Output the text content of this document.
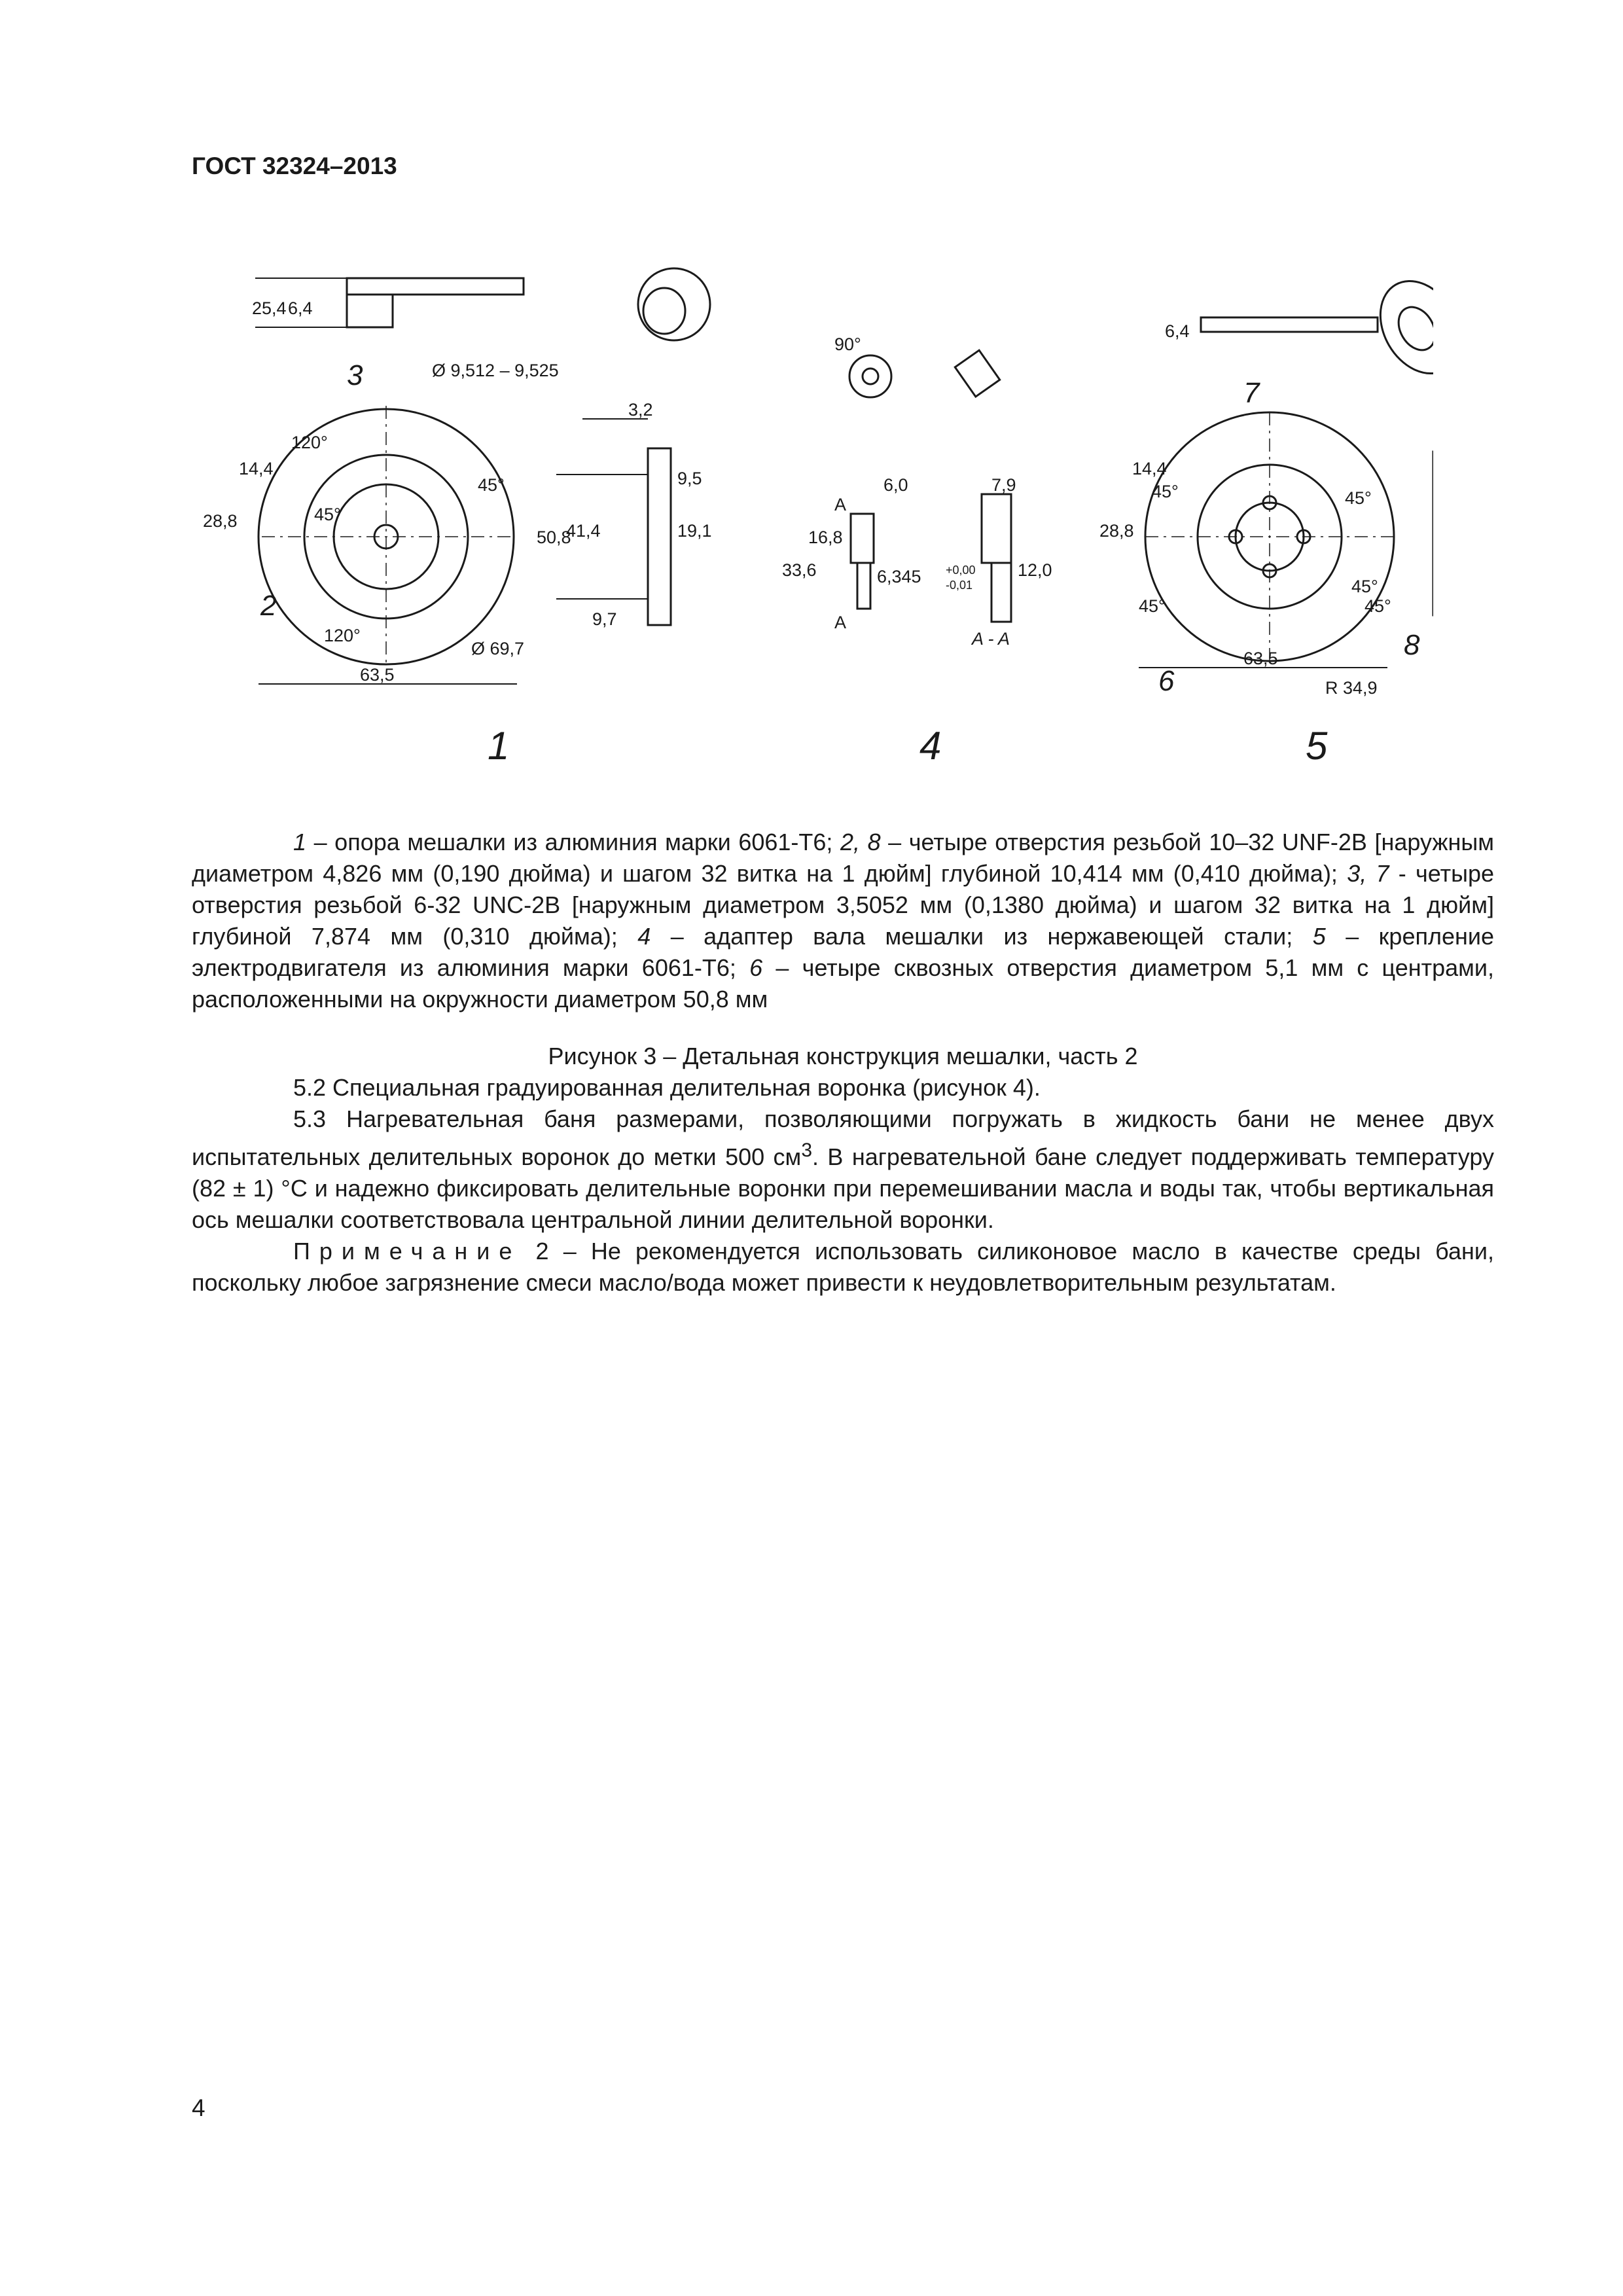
ГОСТ 32324–2013
25,4 6,4
Ø 9,512 – 9,525
120°
14,4
28,8	45°
45°
3,2
9,5
50,8
41,4	19,1
9,7
120°
Ø 69,7
63,5
90°
A
6,0	7,9
16,8
33,6	6,345 +0,00
-0,01
12,0
A
A - A
6,4
14,4
45°	45°
28,8
45°
45°
63,5
R 34,9
45°
3
2
7
6
8
1	4	5

1 – опора мешалки из алюминия марки 6061-Т6; 2, 8 – четыре отверстия резьбой 10–32 UNF-2B [наружным диаметром 4,826 мм (0,190 дюйма) и шагом 32 витка на 1 дюйм] глубиной 10,414 мм (0,410 дюйма); 3, 7 - четыре отверстия резьбой 6-32 UNC-2B [наружным диаметром 3,5052 мм (0,1380 дюйма) и шагом 32 витка на 1 дюйм] глубиной 7,874 мм (0,310 дюйма); 4 – адаптер вала мешалки из нержавеющей стали; 5 – крепление электродвигателя из алюминия марки 6061-Т6; 6 – четыре сквозных отверстия диаметром 5,1 мм с центрами, расположенными на окружности диаметром 50,8 мм

Рисунок 3 – Детальная конструкция мешалки, часть 2

5.2 Специальная градуированная делительная воронка (рисунок 4).

5.3 Нагревательная баня размерами, позволяющими погружать в жидкость бани не менее двух испытательных делительных воронок до метки 500 $см^3$. В нагревательной бане следует поддерживать температуру (82 ± 1) °С и надежно фиксировать делительные воронки при перемешивании масла и воды так, чтобы вертикальная ось мешалки соответствовала центральной линии делительной воронки.

Примечание 2 – Не рекомендуется использовать силиконовое масло в качестве среды бани, поскольку любое загрязнение смеси масло/вода может привести к неудовлетворительным результатам.

4
